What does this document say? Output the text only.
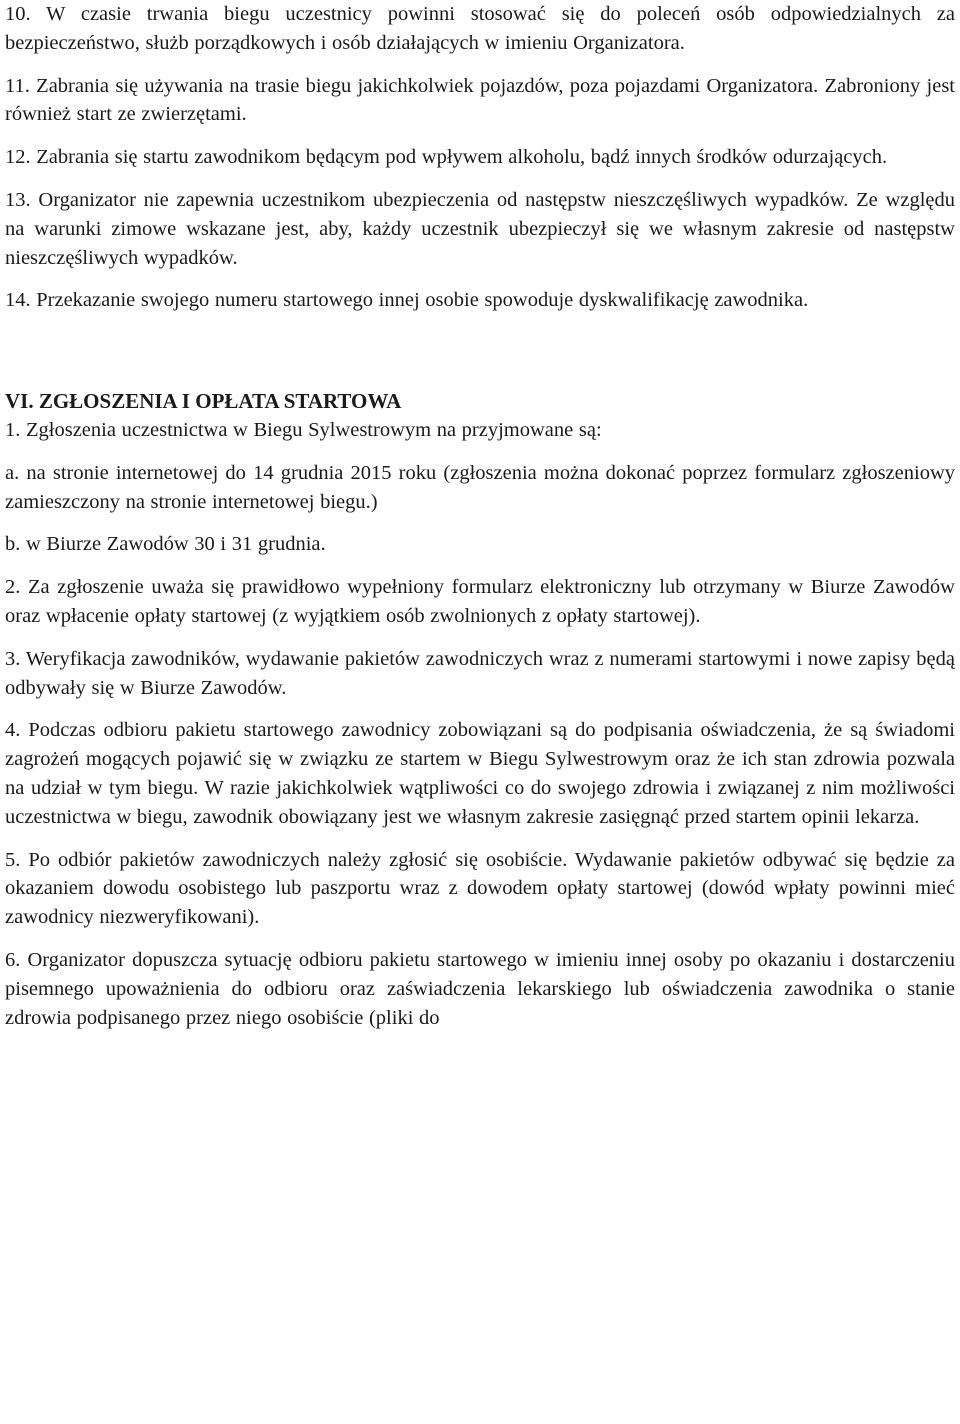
10. W czasie trwania biegu uczestnicy powinni stosować się do poleceń osób odpowiedzialnych za bezpieczeństwo, służb porządkowych i osób działających w imieniu Organizatora.

11. Zabrania się używania na trasie biegu jakichkolwiek pojazdów, poza pojazdami Organizatora. Zabroniony jest również start ze zwierzętami.

12. Zabrania się startu zawodnikom będącym pod wpływem alkoholu, bądź innych środków odurzających.

13. Organizator nie zapewnia uczestnikom ubezpieczenia od następstw nieszczęśliwych wypadków. Ze względu na warunki zimowe wskazane jest, aby, każdy uczestnik ubezpieczył się we własnym zakresie od następstw nieszczęśliwych wypadków.

14. Przekazanie swojego numeru startowego innej osobie spowoduje dyskwalifikację zawodnika.

VI. ZGŁOSZENIA I OPŁATA STARTOWA

1. Zgłoszenia uczestnictwa w Biegu Sylwestrowym na przyjmowane są:

a. na stronie internetowej do 14 grudnia 2015 roku (zgłoszenia można dokonać poprzez formularz zgłoszeniowy zamieszczony na stronie internetowej biegu.)

b. w Biurze Zawodów 30 i 31 grudnia.

2. Za zgłoszenie uważa się prawidłowo wypełniony formularz elektroniczny lub otrzymany w Biurze Zawodów oraz wpłacenie opłaty startowej (z wyjątkiem osób zwolnionych z opłaty startowej).

3. Weryfikacja zawodników, wydawanie pakietów zawodniczych wraz z numerami startowymi i nowe zapisy będą odbywały się w Biurze Zawodów.

4. Podczas odbioru pakietu startowego zawodnicy zobowiązani są do podpisania oświadczenia, że są świadomi zagrożeń mogących pojawić się w związku ze startem w Biegu Sylwestrowym oraz że ich stan zdrowia pozwala na udział w tym biegu. W razie jakichkolwiek wątpliwości co do swojego zdrowia i związanej z nim możliwości uczestnictwa w biegu, zawodnik obowiązany jest we własnym zakresie zasięgnąć przed startem opinii lekarza.

5. Po odbiór pakietów zawodniczych należy zgłosić się osobiście. Wydawanie pakietów odbywać się będzie za okazaniem dowodu osobistego lub paszportu wraz z dowodem opłaty startowej (dowód wpłaty powinni mieć zawodnicy niezweryfikowani).

6. Organizator dopuszcza sytuację odbioru pakietu startowego w imieniu innej osoby po okazaniu i dostarczeniu pisemnego upoważnienia do odbioru oraz zaświadczenia lekarskiego lub oświadczenia zawodnika o stanie zdrowia podpisanego przez niego osobiście (pliki do
